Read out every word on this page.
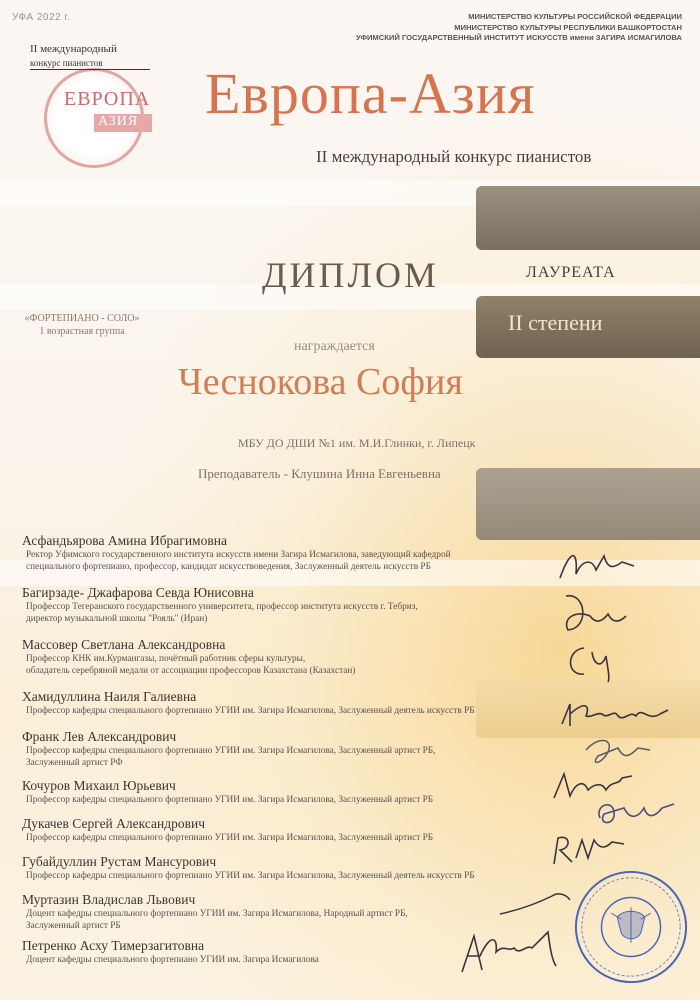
УФА 2022 г.	МИНИСТЕРСТВО КУЛЬТУРЫ РОССИЙСКОЙ ФЕДЕРАЦИИ
МИНИСТЕРСТВО КУЛЬТУРЫ РЕСПУБЛИКИ БАШКОРТОСТАН
УФИМСКИЙ ГОСУДАРСТВЕННЫЙ ИНСТИТУТ ИСКУССТВ имени ЗАГИРА ИСМАГИЛОВА
II международный
конкурс пианистов
ЕВРОПА
АЗИЯ Европа-Азия
II международный конкурс пианистов
ДИПЛОМ	ЛАУРЕАТА
II степени
«ФОРТЕПИАНО - СОЛО»
1 возрастная группа
награждается
Чеснокова София
МБУ ДО ДШИ №1 им. М.И.Глинки, г. Липецк
Преподаватель - Клушина Инна Евгеньевна
Асфандьярова Амина Ибрагимовна
Ректор Уфимского государственного института искусств имени Загира Исмагилова, заведующий кафедрой
специального фортепиано, профессор, кандидат искусствоведения, Заслуженный деятель искусств РБ
Багирзаде- Джафарова Севда Юнисовна
Профессор Тегеранского государственного университета, профессор института искусств г. Тебриз,
директор музыкальной школы "Рояль" (Иран)
Массовер Светлана Александровна
Профессор КНК им.Курмангазы, почётный работник сферы культуры,
обладатель серебряной медали от ассоциации профессоров Казахстана (Казахстан)
Хамидуллина Наиля Галиевна
Профессор кафедры специального фортепиано УГИИ им. Загира Исмагилова, Заслуженный деятель искусств РБ
Франк Лев Александрович
Профессор кафедры специального фортепиано УГИИ им. Загира Исмагилова, Заслуженный артист РБ,
Заслуженный артист РФ
Кочуров Михаил Юрьевич
Профессор кафедры специального фортепиано УГИИ им. Загира Исмагилова, Заслуженный артист РБ
Дукачев Сергей Александрович
Профессор кафедры специального фортепиано УГИИ им. Загира Исмагилова, Заслуженный артист РБ
Губайдуллин Рустам Мансурович
Профессор кафедры специального фортепиано УГИИ им. Загира Исмагилова, Заслуженный деятель искусств РБ
Муртазин Владислав Львович
Доцент кафедры специального фортепиано УГИИ им. Загира Исмагилова, Народный артист РБ,
Заслуженный артист РБ
Петренко Асху Тимерзагитовна
Доцент кафедры специального фортепиано УГИИ им. Загира Исмагилова
